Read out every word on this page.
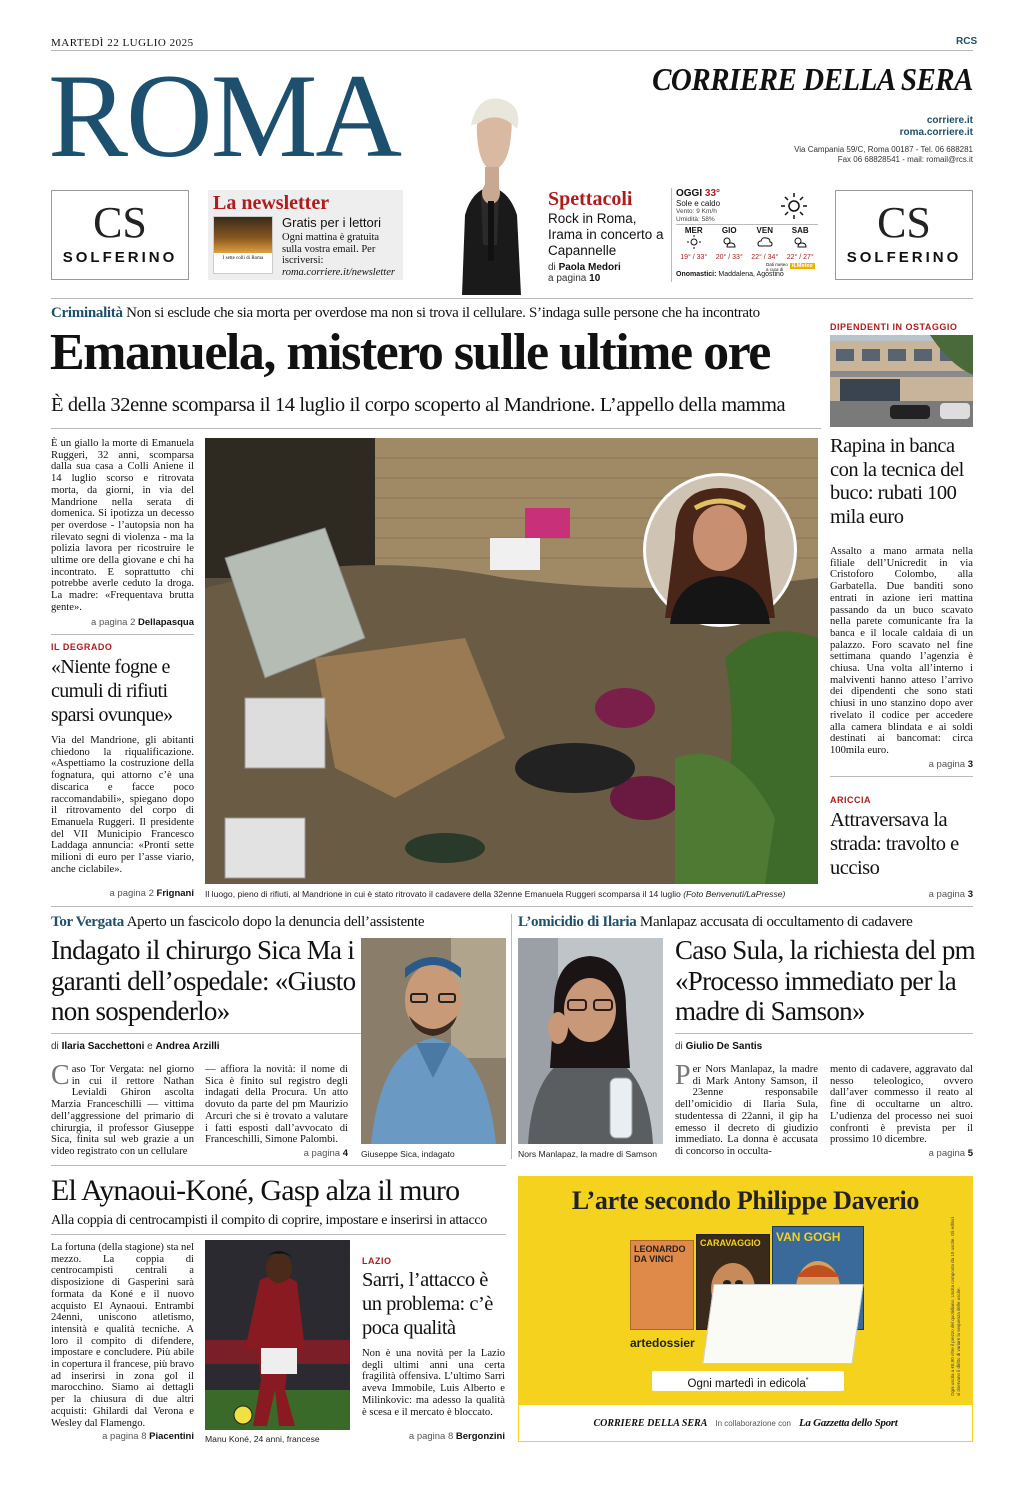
MARTEDÌ 22 LUGLIO 2025	RCS
ROMA	CORRIERE DELLA SERA
corriere.it
roma.corriere.it
Via Campania 59/C, Roma 00187 - Tel. 06 688281
Fax 06 68828541 - mail: romail@rcs.it
CS
SOLFERINO
La newsletter
I sette colli di Roma
Gratis per i lettori
Ogni mattina è gratuita sulla vostra email. Per iscriversi: roma.corriere.it/newsletter
Spettacoli
Rock in Roma, Irama in concerto a Capannelle
di Paola Medori
a pagina 10
OGGI 33°
Sole e caldo
Vento: 9 Km/h
Umidità: 58%
MER
19° / 33°
GIO
20° / 33°
VEN
22° / 34°
SAB
22° / 27°
Dati meteo a cura di
iLMeteo
Onomastici: Maddalena, Agostino
CS
SOLFERINO
Criminalità Non si esclude che sia morta per overdose ma non si trova il cellulare. S’indaga sulle persone che ha incontrato
Emanuela, mistero sulle ultime ore
È della 32enne scomparsa il 14 luglio il corpo scoperto al Mandrione. L’appello della mamma
È un giallo la morte di Emanuela Ruggeri, 32 anni, scomparsa dalla sua casa a Colli Aniene il 14 luglio scorso e ritrovata morta, da giorni, in via del Mandrione nella serata di domenica. Si ipotizza un decesso per overdose - l’autopsia non ha rilevato segni di violenza - ma la polizia lavora per ricostruire le ultime ore della giovane e chi ha incontrato. E soprattutto chi potrebbe averle ceduto la droga. La madre: «Frequentava brutta gente».
a pagina 2 Dellapasqua
Il luogo, pieno di rifiuti, al Mandrione in cui è stato ritrovato il cadavere della 32enne Emanuela Ruggeri scomparsa il 14 luglio (Foto Benvenuti/LaPresse)
IL DEGRADO
«Niente fogne e cumuli di rifiuti sparsi ovunque»
Via del Mandrione, gli abitanti chiedono la riqualificazione. «Aspettiamo la costruzione della fognatura, qui attorno c’è una discarica e facce poco raccomandabili», spiegano dopo il ritrovamento del corpo di Emanuela Ruggeri. Il presidente del VII Municipio Francesco Laddaga annuncia: «Pronti sette milioni di euro per l’asse viario, anche ciclabile».
a pagina 2 Frignani
DIPENDENTI IN OSTAGGIO
Rapina in banca con la tecnica del buco: rubati 100 mila euro
Assalto a mano armata nella filiale dell’Unicredit in via Cristoforo Colombo, alla Garbatella. Due banditi sono entrati in azione ieri mattina passando da un buco scavato nella parete comunicante fra la banca e il locale caldaia di un palazzo. Foro scavato nel fine settimana quando l’agenzia è chiusa. Una volta all’interno i malviventi hanno atteso l’arrivo dei dipendenti che sono stati chiusi in uno stanzino dopo aver rivelato il codice per accedere alla camera blindata e ai soldi destinati ai bancomat: circa 100mila euro.
a pagina 3
ARICCIA
Attraversava la strada: travolto e ucciso
a pagina 3
Tor Vergata Aperto un fascicolo dopo la denuncia dell’assistente
Indagato il chirurgo Sica Ma i garanti dell’ospedale: «Giusto non sospenderlo»
di Ilaria Sacchettoni e Andrea Arzilli
Caso Tor Vergata: nel giorno in cui il rettore Nathan Levialdi Ghiron ascolta Marzia Franceschilli — vittima dell’aggressione del primario di chirurgia, il professor Giuseppe Sica, finita sul web grazie a un video registrato con un cellulare
— affiora la novità: il nome di Sica è finito sul registro degli indagati della Procura. Un atto dovuto da parte del pm Maurizio Arcuri che si è trovato a valutare i fatti esposti dall’avvocato di Franceschilli, Simone Palombi.
a pagina 4 Giuseppe Sica, indagato
L’omicidio di Ilaria Manlapaz accusata di occultamento di cadavere
Nors Manlapaz, la madre di Samson
Caso Sula, la richiesta del pm «Processo immediato per la madre di Samson»
di Giulio De Santis
Per Nors Manlapaz, la madre di Mark Antony Samson, il 23enne responsabile dell’omicidio di Ilaria Sula, studentessa di 22anni, il gip ha emesso il decreto di giudizio immediato. La donna è accusata di concorso in occulta-
mento di cadavere, aggravato dal nesso teleologico, ovvero dall’aver commesso il reato al fine di occultarne un altro. L’udienza del processo nei suoi confronti è prevista per il prossimo 10 dicembre.
a pagina 5
El Aynaoui-Koné, Gasp alza il muro
Alla coppia di centrocampisti il compito di coprire, impostare e inserirsi in attacco
La fortuna (della stagione) sta nel mezzo. La coppia di centrocampisti centrali a disposizione di Gasperini sarà formata da Koné e il nuovo acquisto El Aynaoui. Entrambi 24enni, uniscono atletismo, intensità e qualità tecniche. A loro il compito di difendere, impostare e concludere. Più abile in copertura il francese, più bravo ad inserirsi in zona gol il marocchino. Siamo ai dettagli per la chiusura di due altri acquisti: Ghilardi dal Verona e Wesley dal Flamengo.
a pagina 8 Piacentini Manu Koné, 24 anni, francese
LAZIO
Sarri, l’attacco è un problema: c’è poca qualità
Non è una novità per la Lazio degli ultimi anni una certa fragilità offensiva. L’ultimo Sarri aveva Immobile, Luis Alberto e Milinkovic: ma adesso la qualità è scesa e il mercato è bloccato.
a pagina 8 Bergonzini
L’arte secondo Philippe Daverio
LEONARDO DA VINCI
CARAVAGGIO	VAN GOGH
artedossier
Ogni martedì in edicola*
CORRIERE DELLA SERA In collaborazione con La Gazzetta dello Sport
Ogni uscita a €8,90 oltre il prezzo del quotidiano. Uscita composta da 10 uscite. Gli editori si riservano il diritto di variare la sequenza delle uscite.
